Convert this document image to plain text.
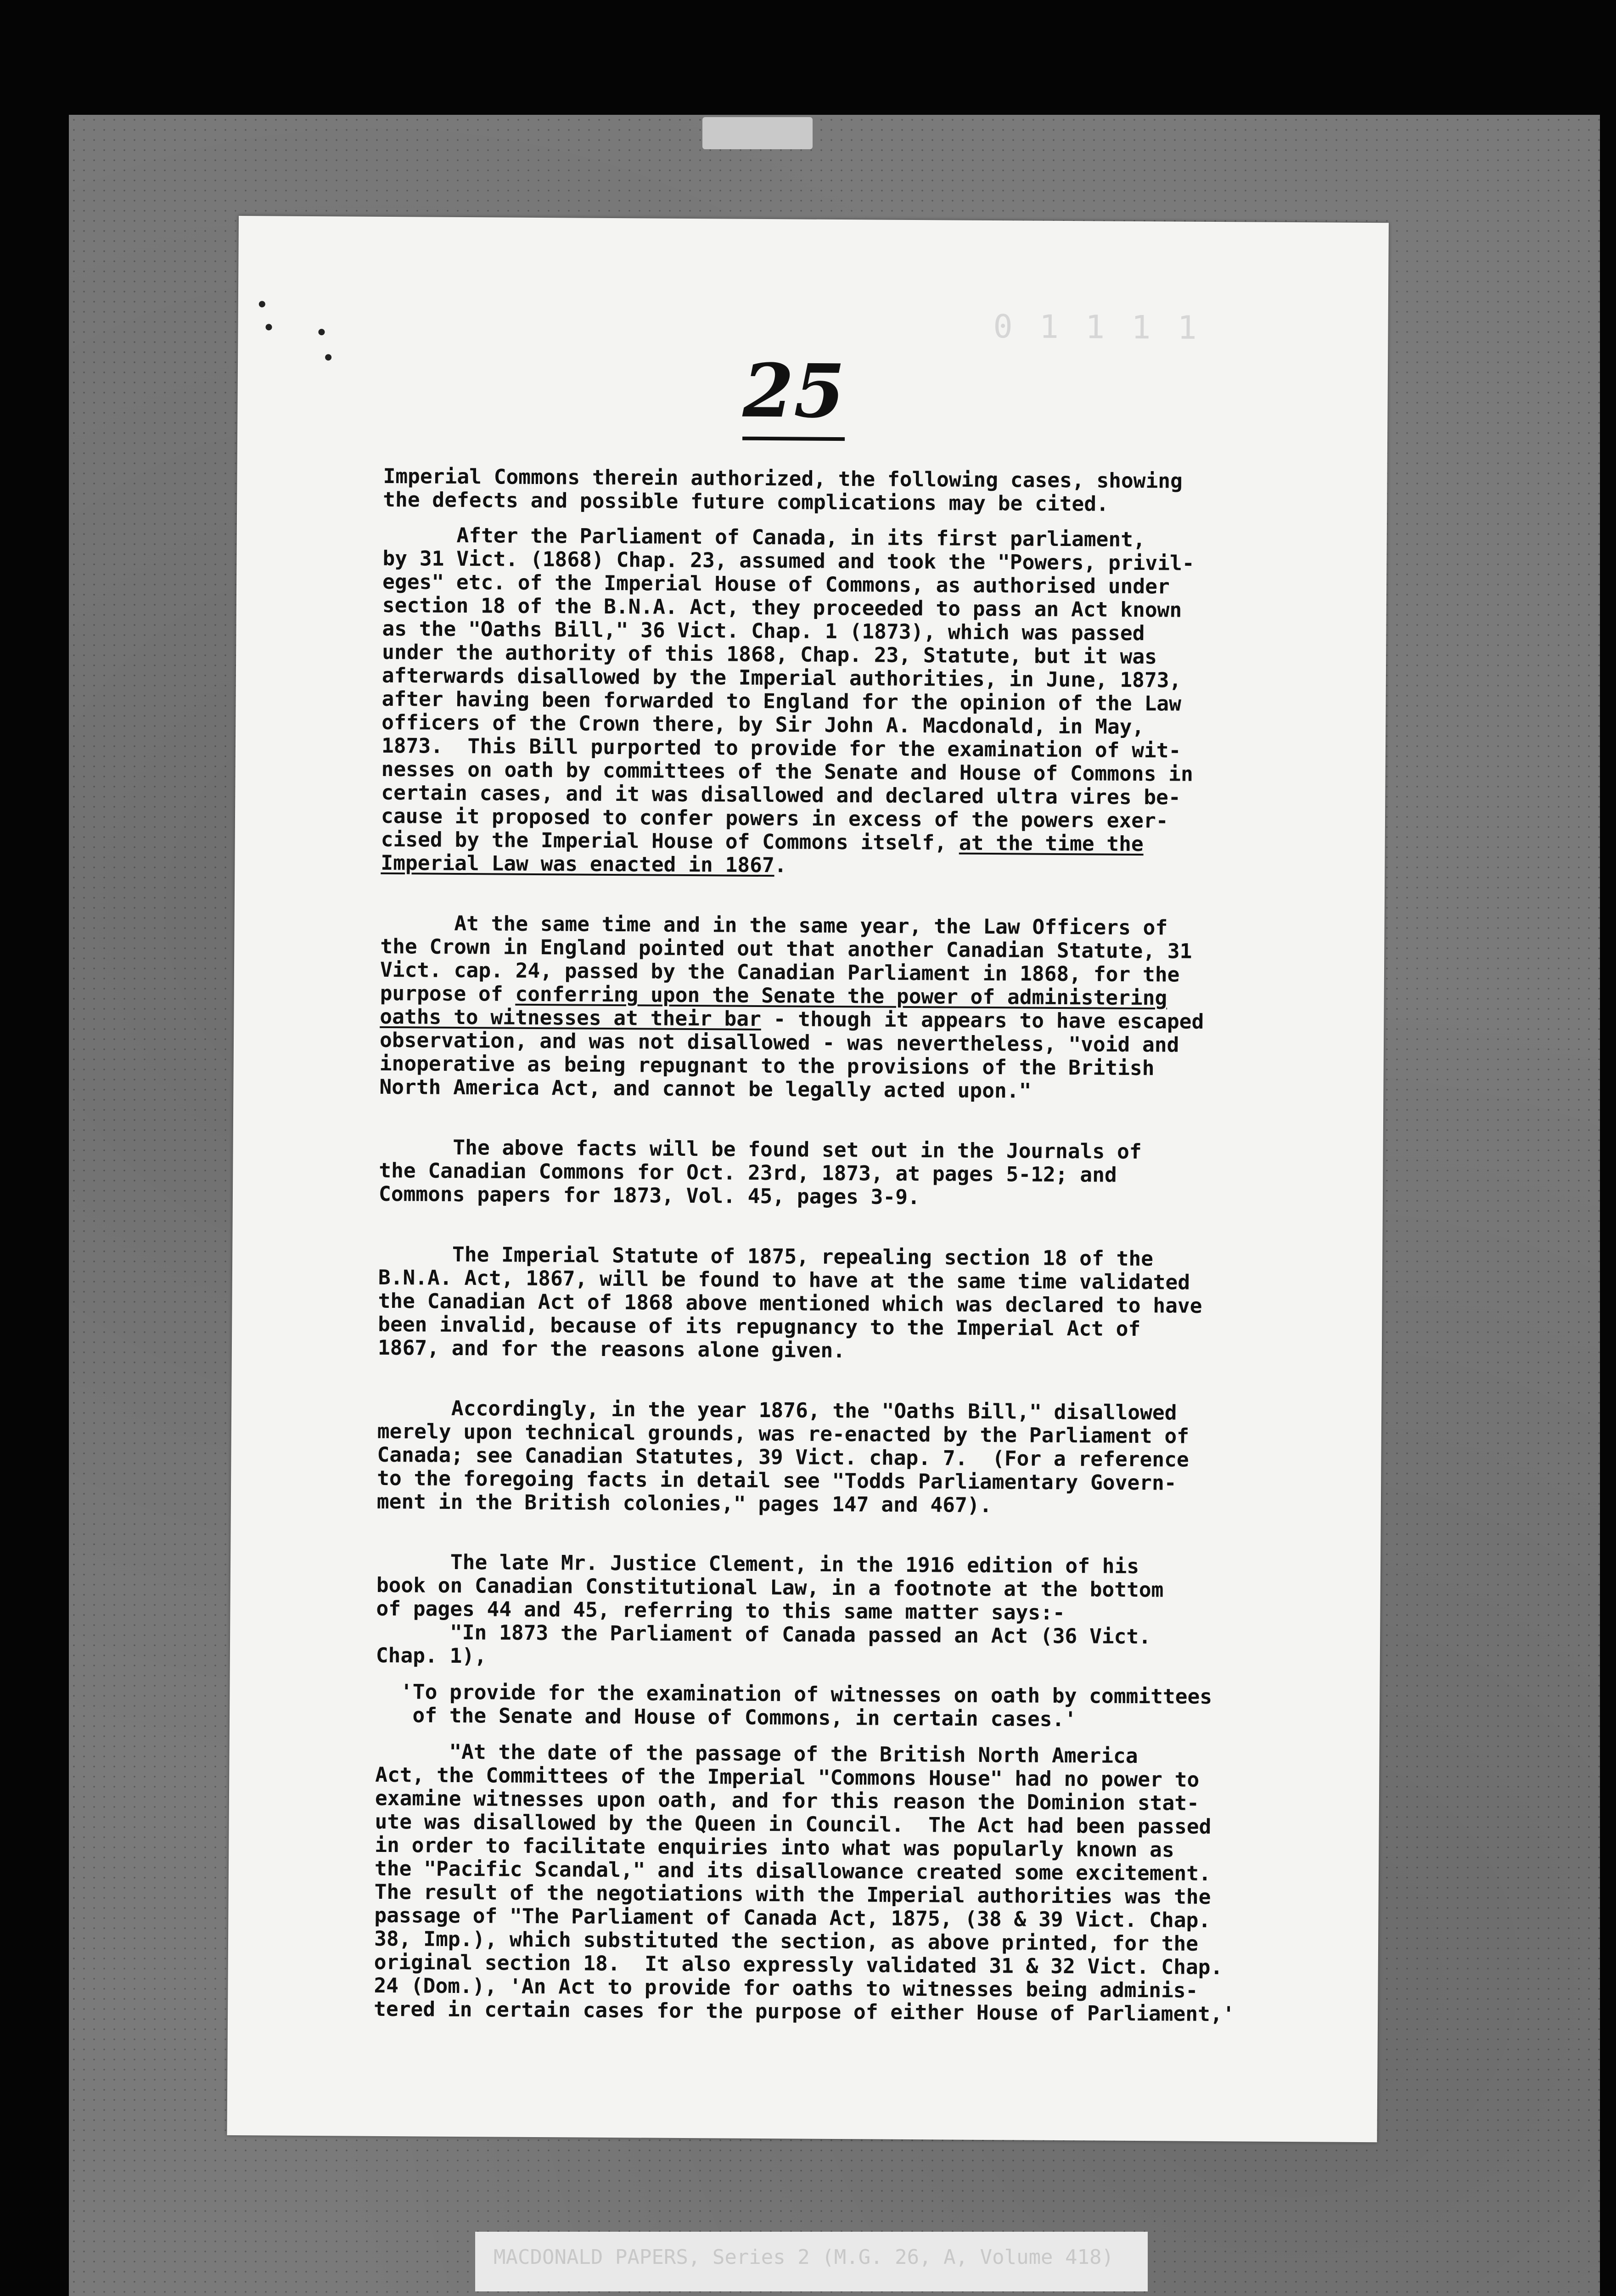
0 1 1 1 1
25
Imperial Commons therein authorized, the following cases, showing
the defects and possible future complications may be cited.
After the Parliament of Canada, in its first parliament,
by 31 Vict. (1868) Chap. 23, assumed and took the "Powers, privil-
eges" etc. of the Imperial House of Commons, as authorised under
section 18 of the B.N.A. Act, they proceeded to pass an Act known
as the "Oaths Bill," 36 Vict. Chap. 1 (1873), which was passed
under the authority of this 1868, Chap. 23, Statute, but it was
afterwards disallowed by the Imperial authorities, in June, 1873,
after having been forwarded to England for the opinion of the Law
officers of the Crown there, by Sir John A. Macdonald, in May,
1873.  This Bill purported to provide for the examination of wit-
nesses on oath by committees of the Senate and House of Commons in
certain cases, and it was disallowed and declared ultra vires be-
cause it proposed to confer powers in excess of the powers exer-
cised by the Imperial House of Commons itself, at the time the
Imperial Law was enacted in 1867.
At the same time and in the same year, the Law Officers of
the Crown in England pointed out that another Canadian Statute, 31
Vict. cap. 24, passed by the Canadian Parliament in 1868, for the
purpose of conferring upon the Senate the power of administering
oaths to witnesses at their bar - though it appears to have escaped
observation, and was not disallowed - was nevertheless, "void and
inoperative as being repugnant to the provisions of the British
North America Act, and cannot be legally acted upon."
The above facts will be found set out in the Journals of
the Canadian Commons for Oct. 23rd, 1873, at pages 5-12; and
Commons papers for 1873, Vol. 45, pages 3-9.
The Imperial Statute of 1875, repealing section 18 of the
B.N.A. Act, 1867, will be found to have at the same time validated
the Canadian Act of 1868 above mentioned which was declared to have
been invalid, because of its repugnancy to the Imperial Act of
1867, and for the reasons alone given.
Accordingly, in the year 1876, the "Oaths Bill," disallowed
merely upon technical grounds, was re-enacted by the Parliament of
Canada; see Canadian Statutes, 39 Vict. chap. 7.  (For a reference
to the foregoing facts in detail see "Todds Parliamentary Govern-
ment in the British colonies," pages 147 and 467).
The late Mr. Justice Clement, in the 1916 edition of his
book on Canadian Constitutional Law, in a footnote at the bottom
of pages 44 and 45, referring to this same matter says:-
"In 1873 the Parliament of Canada passed an Act (36 Vict.
Chap. 1),
'To provide for the examination of witnesses on oath by committees
of the Senate and House of Commons, in certain cases.'
"At the date of the passage of the British North America
Act, the Committees of the Imperial "Commons House" had no power to
examine witnesses upon oath, and for this reason the Dominion stat-
ute was disallowed by the Queen in Council.  The Act had been passed
in order to facilitate enquiries into what was popularly known as
the "Pacific Scandal," and its disallowance created some excitement.
The result of the negotiations with the Imperial authorities was the
passage of "The Parliament of Canada Act, 1875, (38 & 39 Vict. Chap.
38, Imp.), which substituted the section, as above printed, for the
original section 18.  It also expressly validated 31 & 32 Vict. Chap.
24 (Dom.), 'An Act to provide for oaths to witnesses being adminis-
tered in certain cases for the purpose of either House of Parliament,'
MACDONALD PAPERS, Series 2 (M.G. 26, A, Volume 418)
